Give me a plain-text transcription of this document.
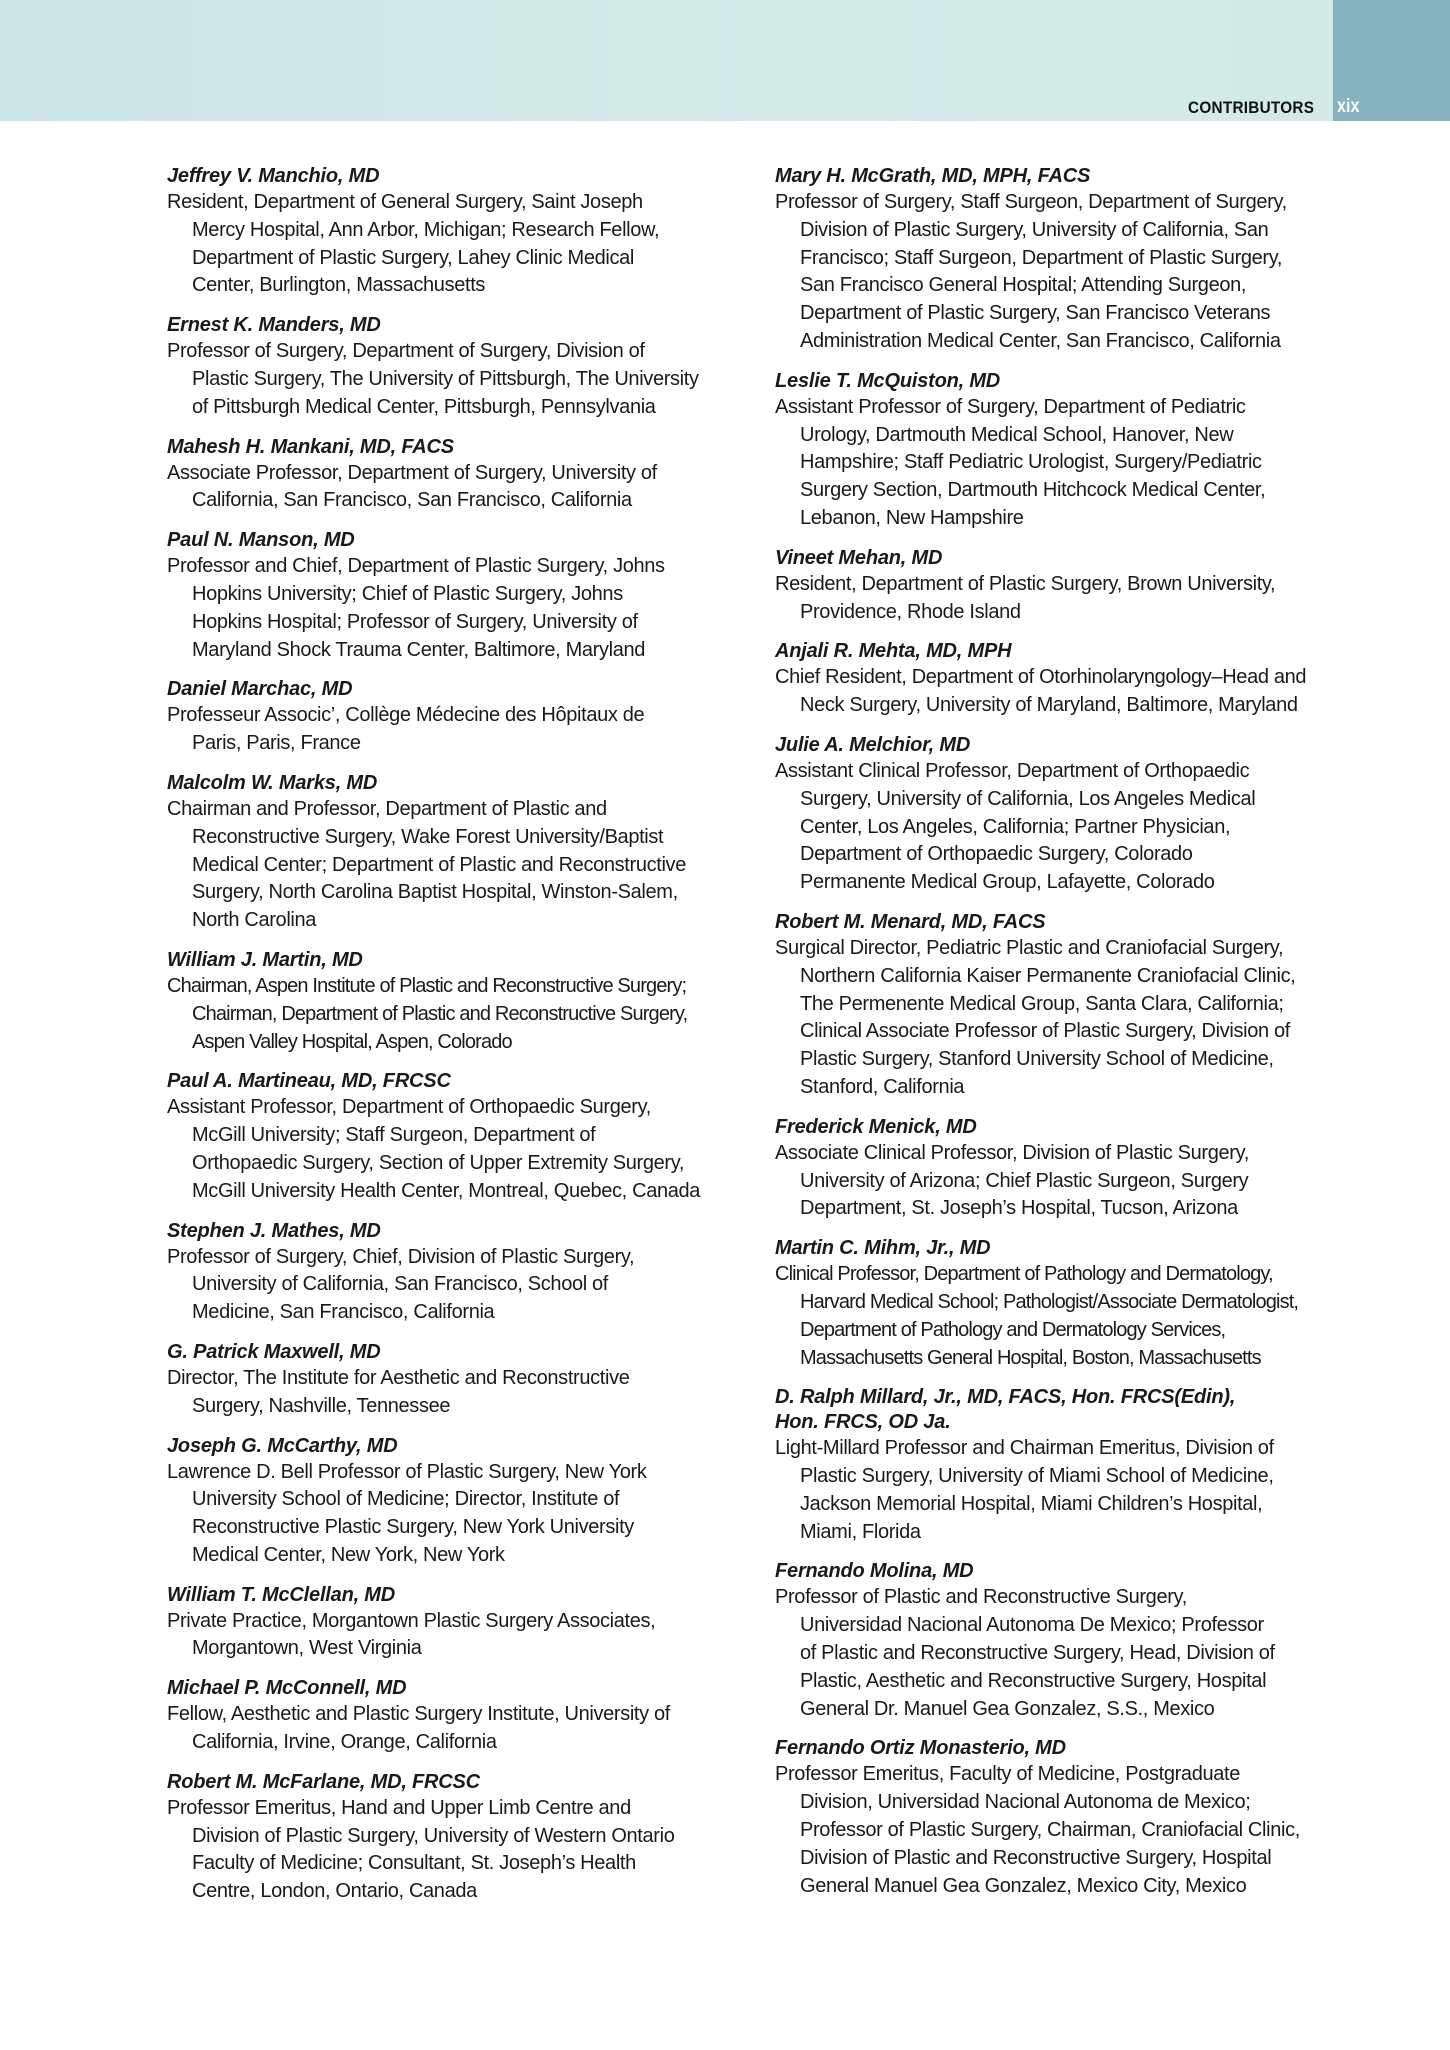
CONTRIBUTORS xix
Jeffrey V. Manchio, MD
Resident, Department of General Surgery, Saint Joseph
Mercy Hospital, Ann Arbor, Michigan; Research Fellow,
Department of Plastic Surgery, Lahey Clinic Medical
Center, Burlington, Massachusetts
Ernest K. Manders, MD
Professor of Surgery, Department of Surgery, Division of
Plastic Surgery, The University of Pittsburgh, The University
of Pittsburgh Medical Center, Pittsburgh, Pennsylvania
Mahesh H. Mankani, MD, FACS
Associate Professor, Department of Surgery, University of
California, San Francisco, San Francisco, California
Paul N. Manson, MD
Professor and Chief, Department of Plastic Surgery, Johns
Hopkins University; Chief of Plastic Surgery, Johns
Hopkins Hospital; Professor of Surgery, University of
Maryland Shock Trauma Center, Baltimore, Maryland
Daniel Marchac, MD
Professeur Associc’, Collège Médecine des Hôpitaux de
Paris, Paris, France
Malcolm W. Marks, MD
Chairman and Professor, Department of Plastic and
Reconstructive Surgery, Wake Forest University/Baptist
Medical Center; Department of Plastic and Reconstructive
Surgery, North Carolina Baptist Hospital, Winston-Salem,
North Carolina
William J. Martin, MD
Chairman, Aspen Institute of Plastic and Reconstructive Surgery;
Chairman, Department of Plastic and Reconstructive Surgery,
Aspen Valley Hospital, Aspen, Colorado
Paul A. Martineau, MD, FRCSC
Assistant Professor, Department of Orthopaedic Surgery,
McGill University; Staff Surgeon, Department of
Orthopaedic Surgery, Section of Upper Extremity Surgery,
McGill University Health Center, Montreal, Quebec, Canada
Stephen J. Mathes, MD
Professor of Surgery, Chief, Division of Plastic Surgery,
University of California, San Francisco, School of
Medicine, San Francisco, California
G. Patrick Maxwell, MD
Director, The Institute for Aesthetic and Reconstructive
Surgery, Nashville, Tennessee
Joseph G. McCarthy, MD
Lawrence D. Bell Professor of Plastic Surgery, New York
University School of Medicine; Director, Institute of
Reconstructive Plastic Surgery, New York University
Medical Center, New York, New York
William T. McClellan, MD
Private Practice, Morgantown Plastic Surgery Associates,
Morgantown, West Virginia
Michael P. McConnell, MD
Fellow, Aesthetic and Plastic Surgery Institute, University of
California, Irvine, Orange, California
Robert M. McFarlane, MD, FRCSC
Professor Emeritus, Hand and Upper Limb Centre and
Division of Plastic Surgery, University of Western Ontario
Faculty of Medicine; Consultant, St. Joseph’s Health
Centre, London, Ontario, Canada
Mary H. McGrath, MD, MPH, FACS
Professor of Surgery, Staff Surgeon, Department of Surgery,
Division of Plastic Surgery, University of California, San
Francisco; Staff Surgeon, Department of Plastic Surgery,
San Francisco General Hospital; Attending Surgeon,
Department of Plastic Surgery, San Francisco Veterans
Administration Medical Center, San Francisco, California
Leslie T. McQuiston, MD
Assistant Professor of Surgery, Department of Pediatric
Urology, Dartmouth Medical School, Hanover, New
Hampshire; Staff Pediatric Urologist, Surgery/Pediatric
Surgery Section, Dartmouth Hitchcock Medical Center,
Lebanon, New Hampshire
Vineet Mehan, MD
Resident, Department of Plastic Surgery, Brown University,
Providence, Rhode Island
Anjali R. Mehta, MD, MPH
Chief Resident, Department of Otorhinolaryngology–Head and
Neck Surgery, University of Maryland, Baltimore, Maryland
Julie A. Melchior, MD
Assistant Clinical Professor, Department of Orthopaedic
Surgery, University of California, Los Angeles Medical
Center, Los Angeles, California; Partner Physician,
Department of Orthopaedic Surgery, Colorado
Permanente Medical Group, Lafayette, Colorado
Robert M. Menard, MD, FACS
Surgical Director, Pediatric Plastic and Craniofacial Surgery,
Northern California Kaiser Permanente Craniofacial Clinic,
The Permenente Medical Group, Santa Clara, California;
Clinical Associate Professor of Plastic Surgery, Division of
Plastic Surgery, Stanford University School of Medicine,
Stanford, California
Frederick Menick, MD
Associate Clinical Professor, Division of Plastic Surgery,
University of Arizona; Chief Plastic Surgeon, Surgery
Department, St. Joseph’s Hospital, Tucson, Arizona
Martin C. Mihm, Jr., MD
Clinical Professor, Department of Pathology and Dermatology,
Harvard Medical School; Pathologist/Associate Dermatologist,
Department of Pathology and Dermatology Services,
Massachusetts General Hospital, Boston, Massachusetts
D. Ralph Millard, Jr., MD, FACS, Hon. FRCS(Edin),
Hon. FRCS, OD Ja.
Light-Millard Professor and Chairman Emeritus, Division of
Plastic Surgery, University of Miami School of Medicine,
Jackson Memorial Hospital, Miami Children’s Hospital,
Miami, Florida
Fernando Molina, MD
Professor of Plastic and Reconstructive Surgery,
Universidad Nacional Autonoma De Mexico; Professor
of Plastic and Reconstructive Surgery, Head, Division of
Plastic, Aesthetic and Reconstructive Surgery, Hospital
General Dr. Manuel Gea Gonzalez, S.S., Mexico
Fernando Ortiz Monasterio, MD
Professor Emeritus, Faculty of Medicine, Postgraduate
Division, Universidad Nacional Autonoma de Mexico;
Professor of Plastic Surgery, Chairman, Craniofacial Clinic,
Division of Plastic and Reconstructive Surgery, Hospital
General Manuel Gea Gonzalez, Mexico City, Mexico
